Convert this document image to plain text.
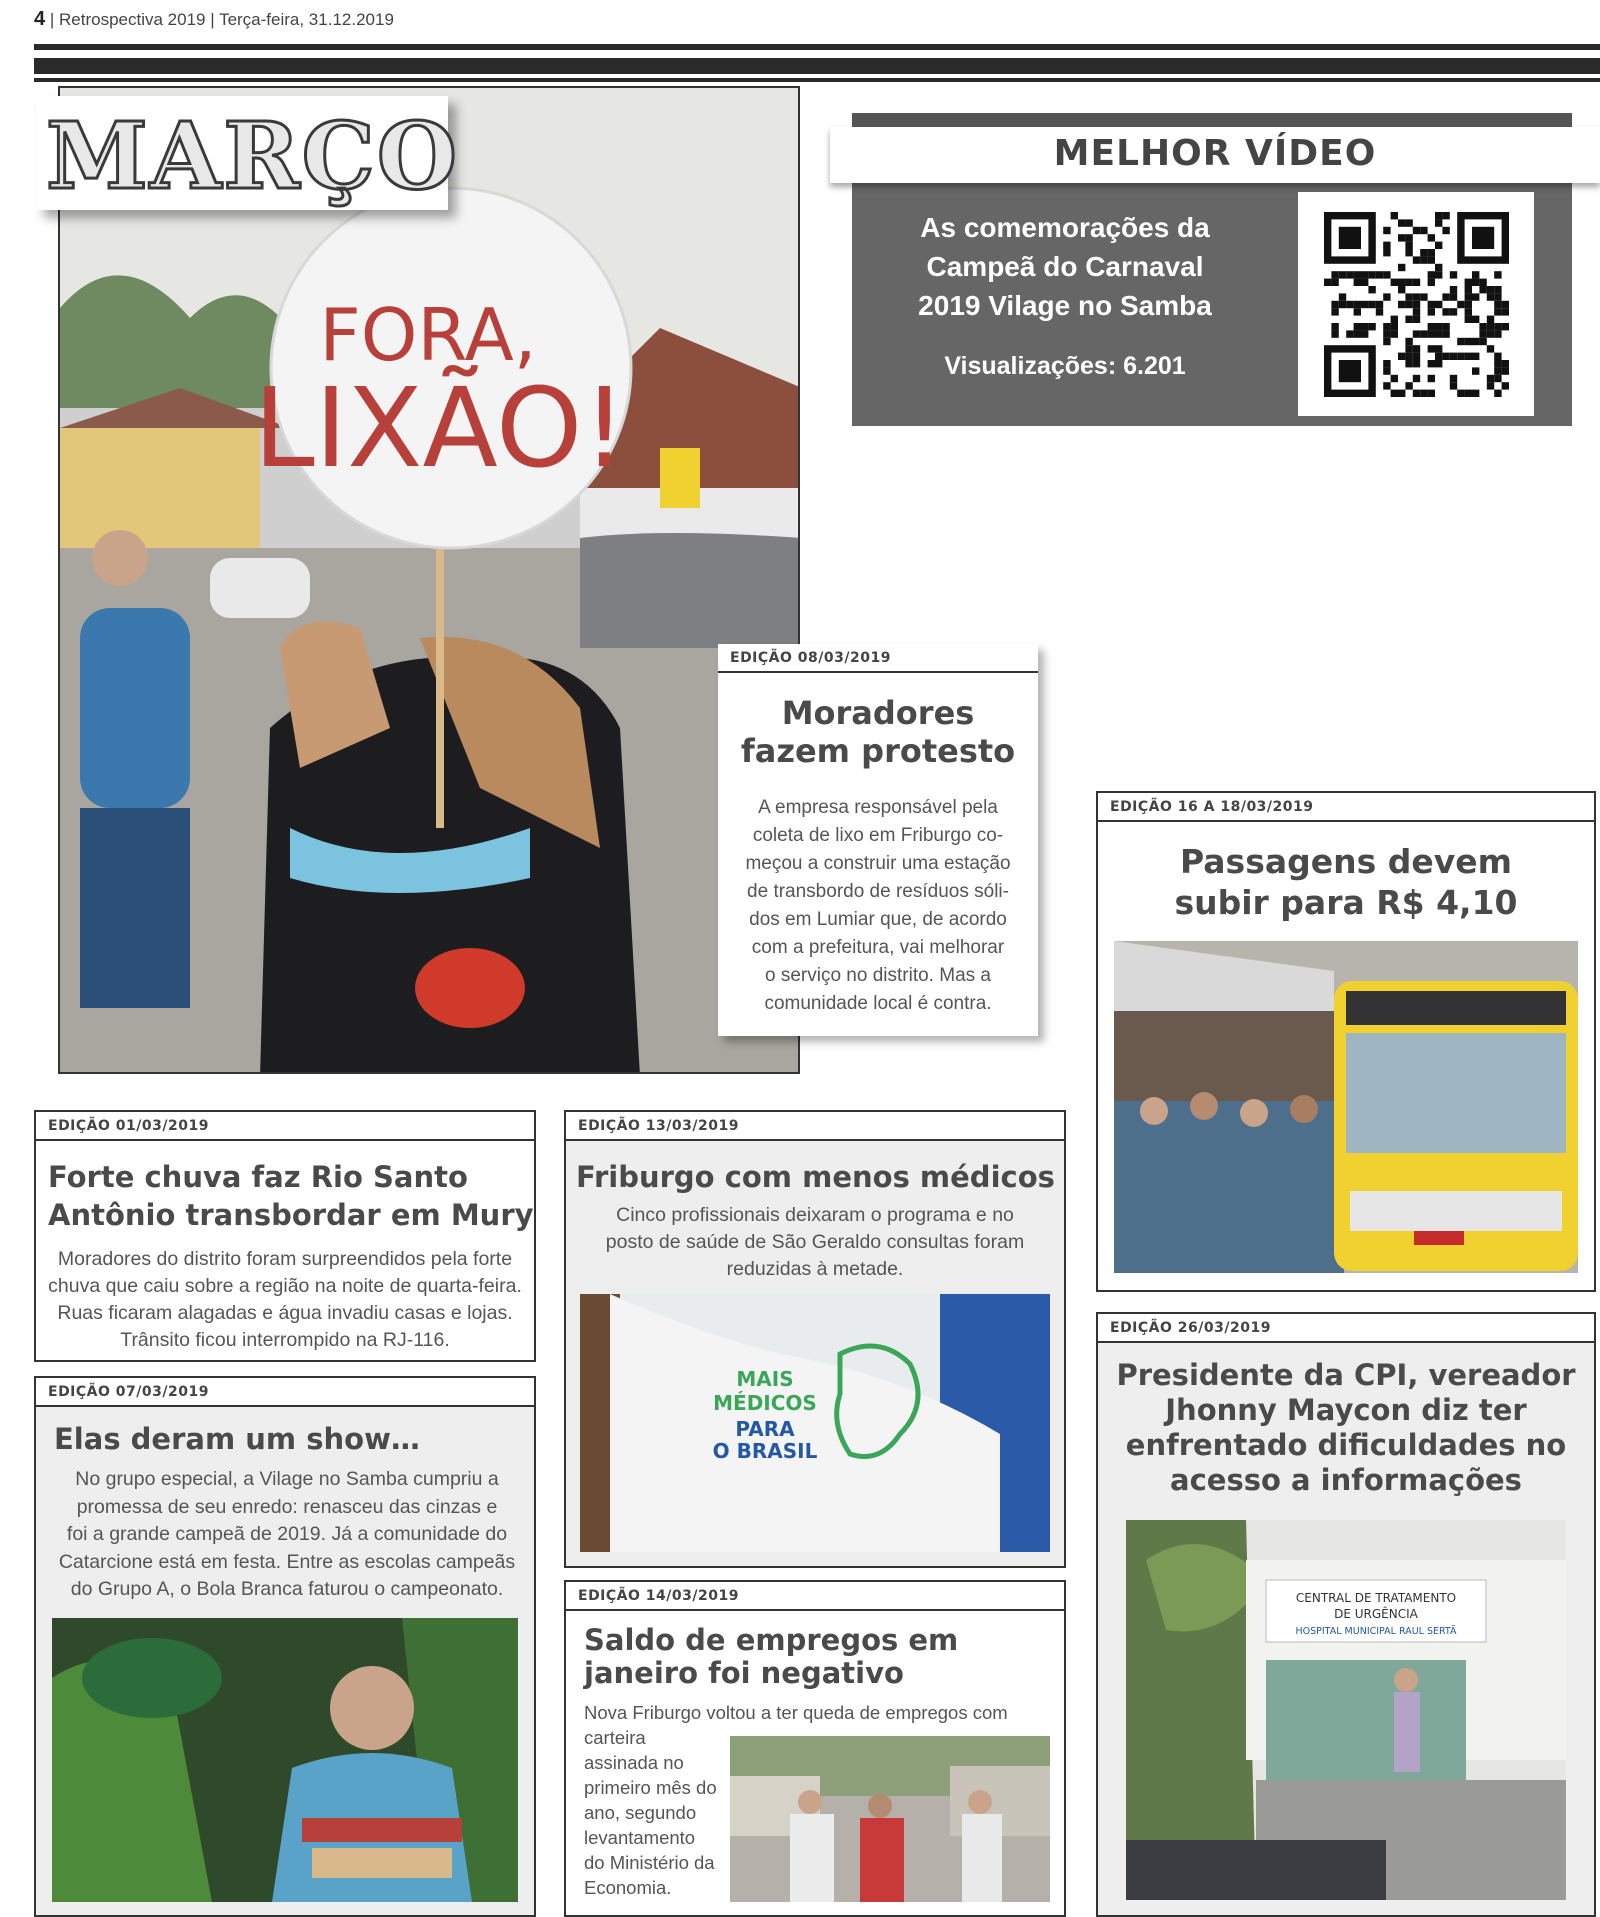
4 | Retrospectiva 2019 | Terça-feira, 31.12.2019
FORA,
LIXÃO!
MARÇO	MELHOR VÍDEO
As comemorações da
Campeã do Carnaval
2019 Vilage no Samba
Visualizações: 6.201
EDIÇÃO 08/03/2019
Moradores
fazem protesto
A empresa responsável pela
coleta de lixo em Friburgo co-
meçou a construir uma estação
de transbordo de resíduos sóli-
dos em Lumiar que, de acordo
com a prefeitura, vai melhorar
o serviço no distrito. Mas a
comunidade local é contra.
EDIÇÃO 16 A 18/03/2019
Passagens devem
subir para R$ 4,10
EDIÇÃO 01/03/2019
Forte chuva faz Rio Santo
Antônio transbordar em Mury
Moradores do distrito foram surpreendidos pela forte
chuva que caiu sobre a região na noite de quarta-feira.
Ruas ficaram alagadas e água invadiu casas e lojas.
Trânsito ficou interrompido na RJ-116.
EDIÇÃO 13/03/2019
Friburgo com menos médicos
Cinco profissionais deixaram o programa e no
posto de saúde de São Geraldo consultas foram
reduzidas à metade.
MAIS
MÉDICOS
PARA
O BRASIL
EDIÇÃO 07/03/2019
Elas deram um show…
No grupo especial, a Vilage no Samba cumpriu a
promessa de seu enredo: renasceu das cinzas e
foi a grande campeã de 2019. Já a comunidade do
Catarcione está em festa. Entre as escolas campeãs
do Grupo A, o Bola Branca faturou o campeonato.	EDIÇÃO 14/03/2019
Saldo de empregos em
janeiro foi negativo
Nova Friburgo voltou a ter queda de empregos com
carteira
assinada no
primeiro mês do
ano, segundo
levantamento
do Ministério da
Economia.
EDIÇÃO 26/03/2019
Presidente da CPI, vereador
Jhonny Maycon diz ter
enfrentado dificuldades no
acesso a informações
CENTRAL DE TRATAMENTO
DE URGÊNCIA
HOSPITAL MUNICIPAL RAUL SERTÃ
